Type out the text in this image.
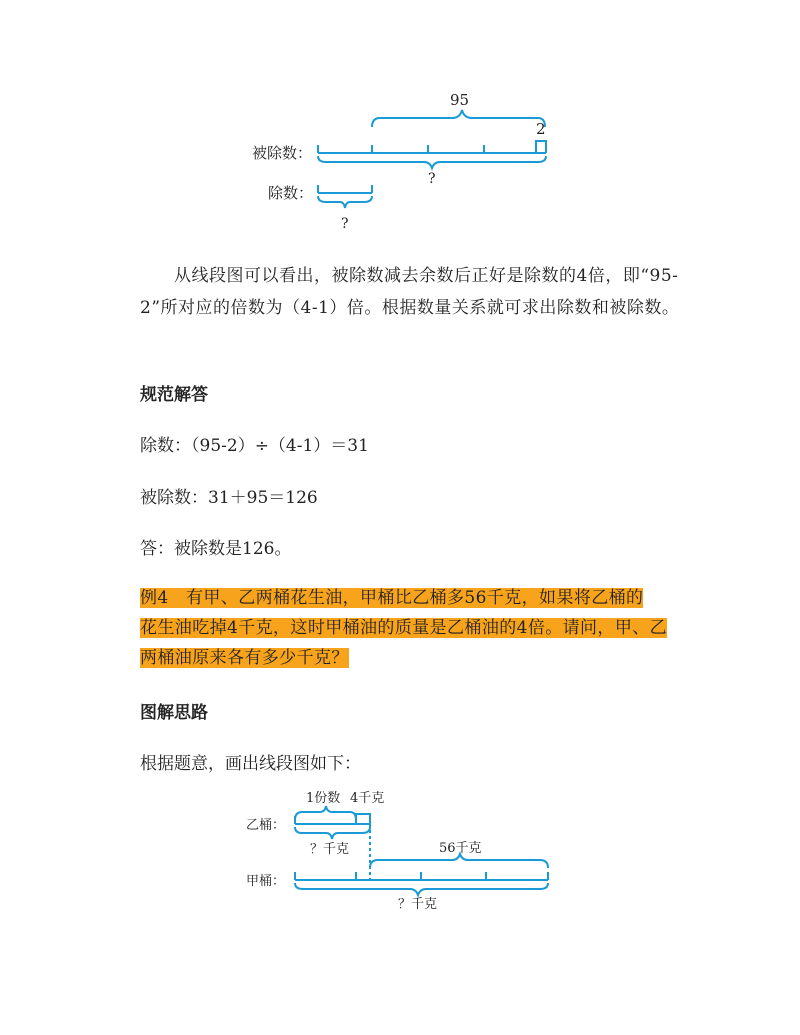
被除数：
除数：
95
2
?
?
从线段图可以看出，被除数减去余数后正好是除数的4倍，即“95-2”所对应的倍数为（4-1）倍。根据数量关系就可求出除数和被除数。
规范解答
除数：（95-2）÷（4-1）＝31
被除数：31＋95＝126
答：被除数是126。
例4　有甲、乙两桶花生油，甲桶比乙桶多56千克，如果将乙桶的
花生油吃掉4千克，这时甲桶油的质量是乙桶油的4倍。请问，甲、乙
两桶油原来各有多少千克？
图解思路
根据题意，画出线段图如下：
乙桶：
甲桶：
1份数 4千克
？千克	56千克
？千克
